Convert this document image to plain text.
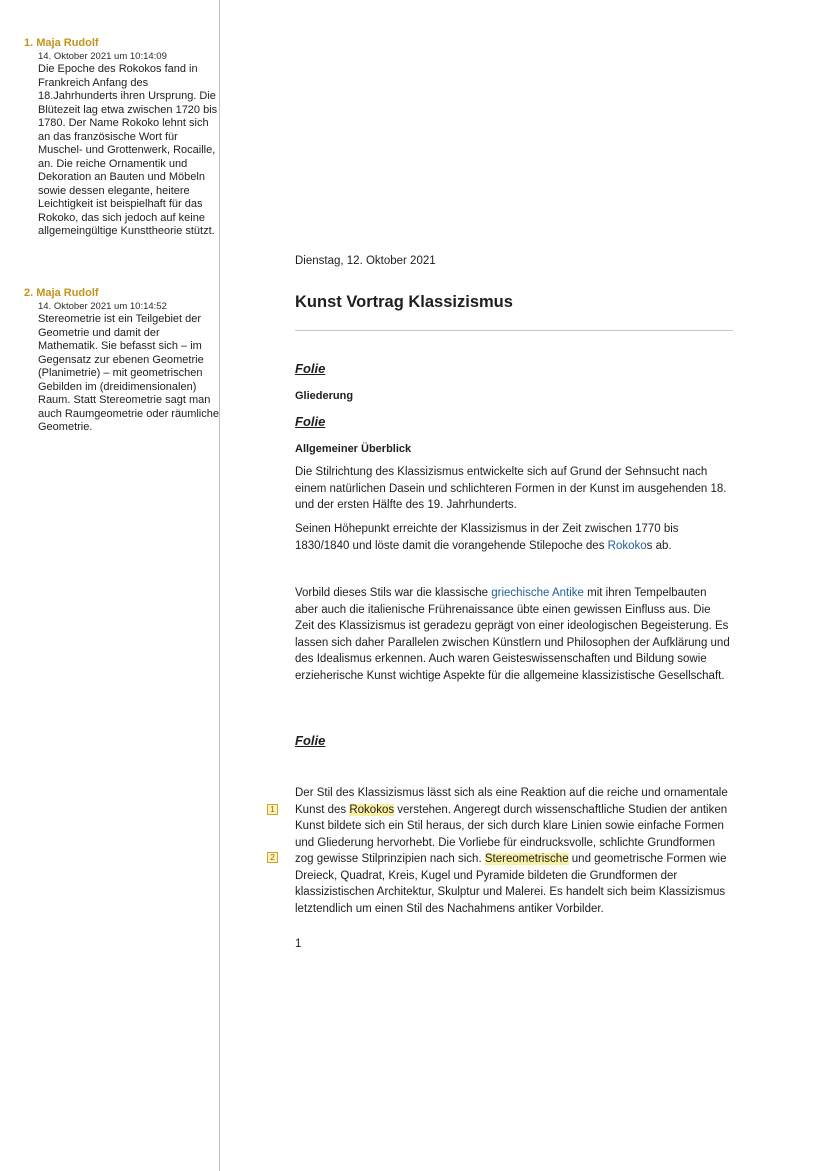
1. Maja Rudolf
14. Oktober 2021 um 10:14:09
Die Epoche des Rokokos fand in Frankreich Anfang des 18.Jahrhunderts ihren Ursprung. Die Blütezeit lag etwa zwischen 1720 bis 1780. Der Name Rokoko lehnt sich an das französische Wort für Muschel- und Grottenwerk, Rocaille, an. Die reiche Ornamentik und Dekoration an Bauten und Möbeln sowie dessen elegante, heitere Leichtigkeit ist beispielhaft für das Rokoko, das sich jedoch auf keine allgemeingültige Kunsttheorie stützt.
2. Maja Rudolf
14. Oktober 2021 um 10:14:52
Stereometrie ist ein Teilgebiet der Geometrie und damit der Mathematik. Sie befasst sich – im Gegensatz zur ebenen Geometrie (Planimetrie) – mit geometrischen Gebilden im (dreidimensionalen) Raum. Statt Stereometrie sagt man auch Raumgeometrie oder räumliche Geometrie.
1
2
Dienstag, 12. Oktober 2021
Kunst Vortrag Klassizismus
Folie
Gliederung
Folie
Allgemeiner Überblick

Die Stilrichtung des Klassizismus entwickelte sich auf Grund der Sehnsucht nach einem natürlichen Dasein und schlichteren Formen in der Kunst im ausgehenden 18. und der ersten Hälfte des 19. Jahrhunderts.

Seinen Höhepunkt erreichte der Klassizismus in der Zeit zwischen 1770 bis 1830/1840 und löste damit die vorangehende Stilepoche des Rokokos ab.

Vorbild dieses Stils war die klassische griechische Antike mit ihren Tempelbauten aber auch die italienische Frührenaissance übte einen gewissen Einfluss aus. Die Zeit des Klassizismus ist geradezu geprägt von einer ideologischen Begeisterung. Es lassen sich daher Parallelen zwischen Künstlern und Philosophen der Aufklärung und des Idealismus erkennen. Auch waren Geisteswissenschaften und Bildung sowie erzieherische Kunst wichtige Aspekte für die allgemeine klassizistische Gesellschaft.

Folie

Der Stil des Klassizismus lässt sich als eine Reaktion auf die reiche und ornamentale Kunst des Rokokos verstehen. Angeregt durch wissenschaftliche Studien der antiken Kunst bildete sich ein Stil heraus, der sich durch klare Linien sowie einfache Formen und Gliederung hervorhebt. Die Vorliebe für eindrucksvolle, schlichte Grundformen zog gewisse Stilprinzipien nach sich. Stereometrische und geometrische Formen wie Dreieck, Quadrat, Kreis, Kugel und Pyramide bildeten die Grundformen der klassizistischen Architektur, Skulptur und Malerei. Es handelt sich beim Klassizismus letztendlich um einen Stil des Nachahmens antiker Vorbilder.

1
